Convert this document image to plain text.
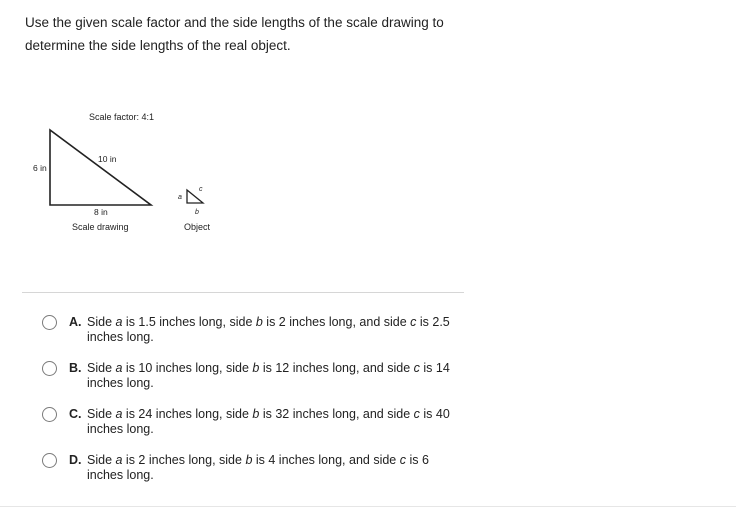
Use the given scale factor and the side lengths of the scale drawing to
determine the side lengths of the real object.
Scale factor: 4:1
10 in
6 in
8 in
Scale drawing
a
c
b
Object
A. Side a is 1.5 inches long, side b is 2 inches long, and side c is 2.5 inches long.
B. Side a is 10 inches long, side b is 12 inches long, and side c is 14 inches long.
C. Side a is 24 inches long, side b is 32 inches long, and side c is 40 inches long.
D. Side a is 2 inches long, side b is 4 inches long, and side c is 6 inches long.
